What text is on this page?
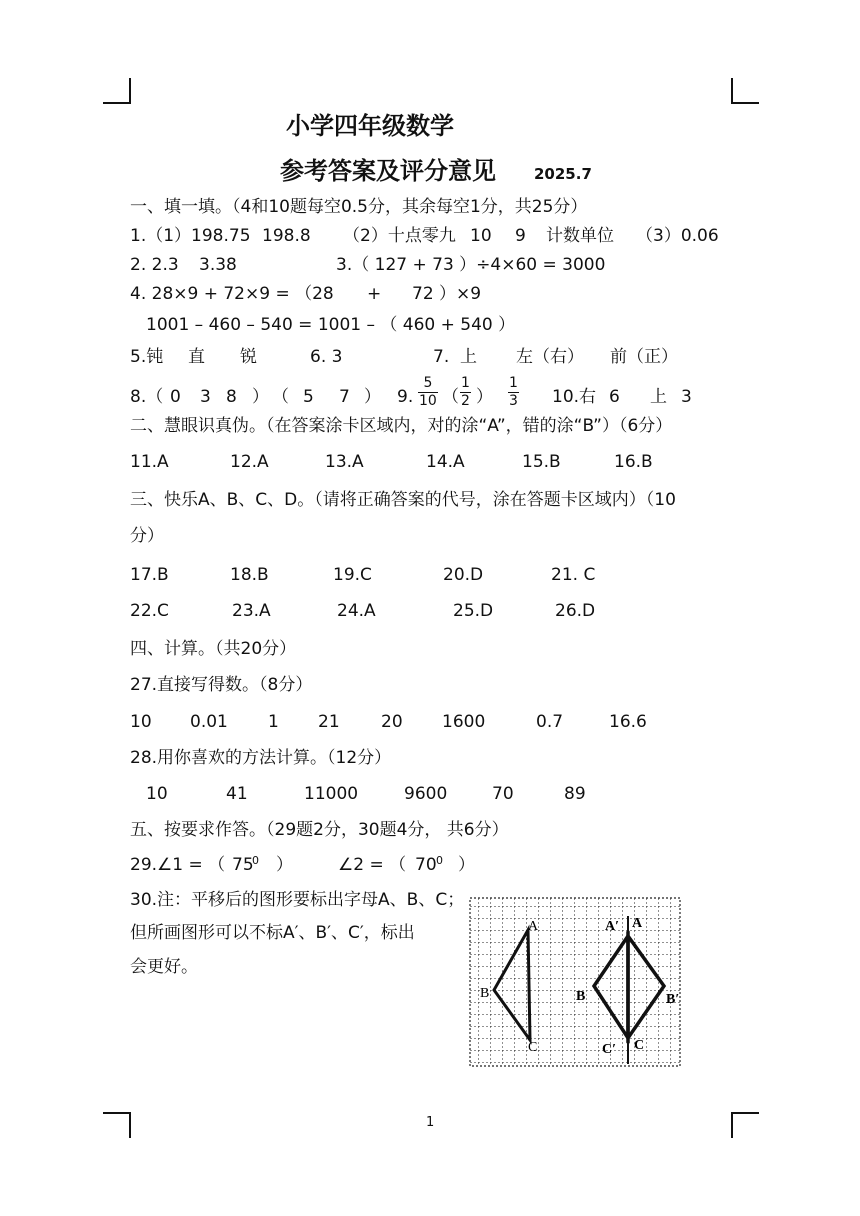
小学四年级数学
参考答案及评分意见	2025.7
一、填一填。（4和10题每空0.5分，其余每空1分，共25分）
1.（1）198.75 198.8 （2）十点零九 10 9 计数单位 （3）0.06
2. 2.3 3.38	3.（ 127 + 73 ）÷4×60 = 3000
4. 28×9 + 72×9 = （28 + 72 ）×9
1001 – 460 – 540 = 1001 – （ 460 + 540 ）
5.钝 直 锐	6. 3	7.  上 左（右） 前（正）
8.（ 0 3 8 ） （ 5 7 ） 9.
5
10 （
1
2 ）
1
3 10.右 6 上 3
二、慧眼识真伪。（在答案涂卡区域内，对的涂“A”，错的涂“B”）（6分）
11.A	12.A	13.A	14.A	15.B	16.B
三、快乐A、B、C、D。（请将正确答案的代号，涂在答题卡区域内）（10
分）
17.B	18.B	19.C	20.D	21. C
22.C	23.A	24.A	25.D	26.D
四、计算。（共20分）
27.直接写得数。（8分）
10 0.01 1 21 20 1600	0.7	16.6
28.用你喜欢的方法计算。（12分）
10	41	11000	9600	70	89
五、按要求作答。（29题2分，30题4分， 共6分）
29.∠1 = （ 75
0 ）	∠2 = （ 70 0 ）
30.注：平移后的图形要标出字母A、B、C；
但所画图形可以不标A′、B′、C′，标出
会更好。
A
B
C
A′ A
B	B′
C′ C
1
